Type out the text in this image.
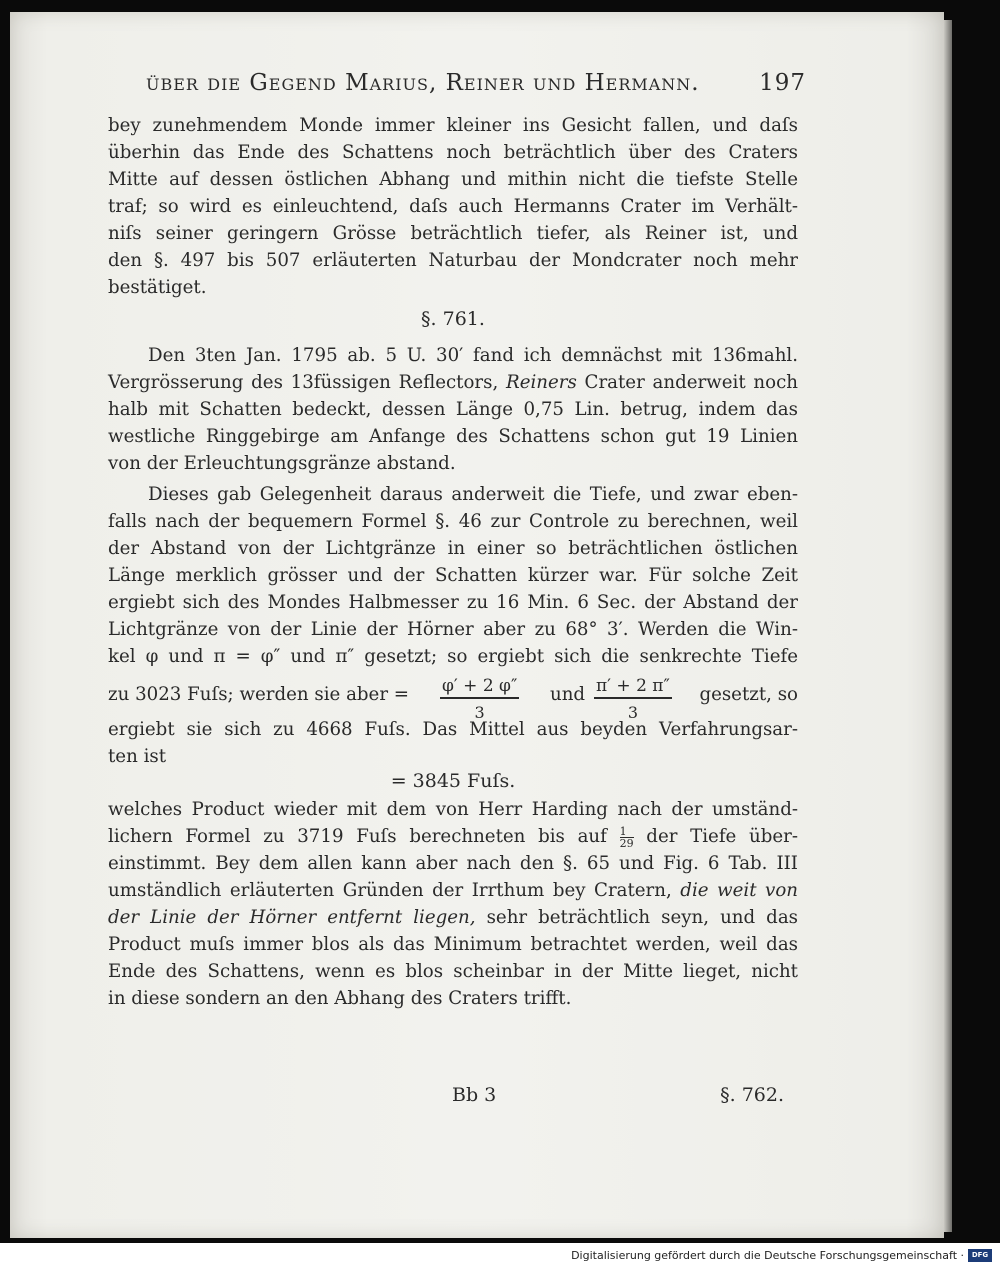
über die Gegend Marius, Reiner und Hermann.	197
bey zunehmendem Monde immer kleiner ins Gesicht fallen, und daſs
überhin das Ende des Schattens noch beträchtlich über des Craters
Mitte auf dessen östlichen Abhang und mithin nicht die tiefste Stelle
traf; so wird es einleuchtend, daſs auch Hermanns Crater im Verhält-
niſs seiner geringern Grösse beträchtlich tiefer, als Reiner ist, und
den §. 497 bis 507 erläuterten Naturbau der Mondcrater noch mehr
bestätiget.
§. 761.
Den 3ten Jan. 1795 ab. 5 U. 30′ fand ich demnächst mit 136mahl.
Vergrösserung des 13füssigen Reflectors, Reiners Crater anderweit noch
halb mit Schatten bedeckt, dessen Länge 0,75 Lin. betrug, indem das
westliche Ringgebirge am Anfange des Schattens schon gut 19 Linien
von der Erleuchtungsgränze abstand.
Dieses gab Gelegenheit daraus anderweit die Tiefe, und zwar eben-
falls nach der bequemern Formel §. 46 zur Controle zu berechnen, weil
der Abstand von der Lichtgränze in einer so beträchtlichen östlichen
Länge merklich grösser und der Schatten kürzer war. Für solche Zeit
ergiebt sich des Mondes Halbmesser zu 16 Min. 6 Sec. der Abstand der
Lichtgränze von der Linie der Hörner aber zu 68° 3′. Werden die Win-
kel φ und π = φ″ und π″ gesetzt; so ergiebt sich die senkrechte Tiefe
zu 3023 Fuſs; werden sie aber = $\frac{\varphi' + 2 \varphi''}{3}$ und $\frac{\pi' + 2 \pi''}{3}$ gesetzt, so
ergiebt sie sich zu 4668 Fuſs. Das Mittel aus beyden Verfahrungsar-
ten ist
= 3845 Fuſs.
welches Product wieder mit dem von Herr Harding nach der umständ-
lichern Formel zu 3719 Fuſs berechneten bis auf $\frac{1}{29}$ der Tiefe über-
einstimmt. Bey dem allen kann aber nach den §. 65 und Fig. 6 Tab. III
umständlich erläuterten Gründen der Irrthum bey Cratern, die weit von
der Linie der Hörner entfernt liegen, sehr beträchtlich seyn, und das
Product muſs immer blos als das Minimum betrachtet werden, weil das
Ende des Schattens, wenn es blos scheinbar in der Mitte lieget, nicht
in diese sondern an den Abhang des Craters trifft.
Bb 3	§. 762.
Digitalisierung gefördert durch die Deutsche Forschungsgemeinschaft ·	DFG
